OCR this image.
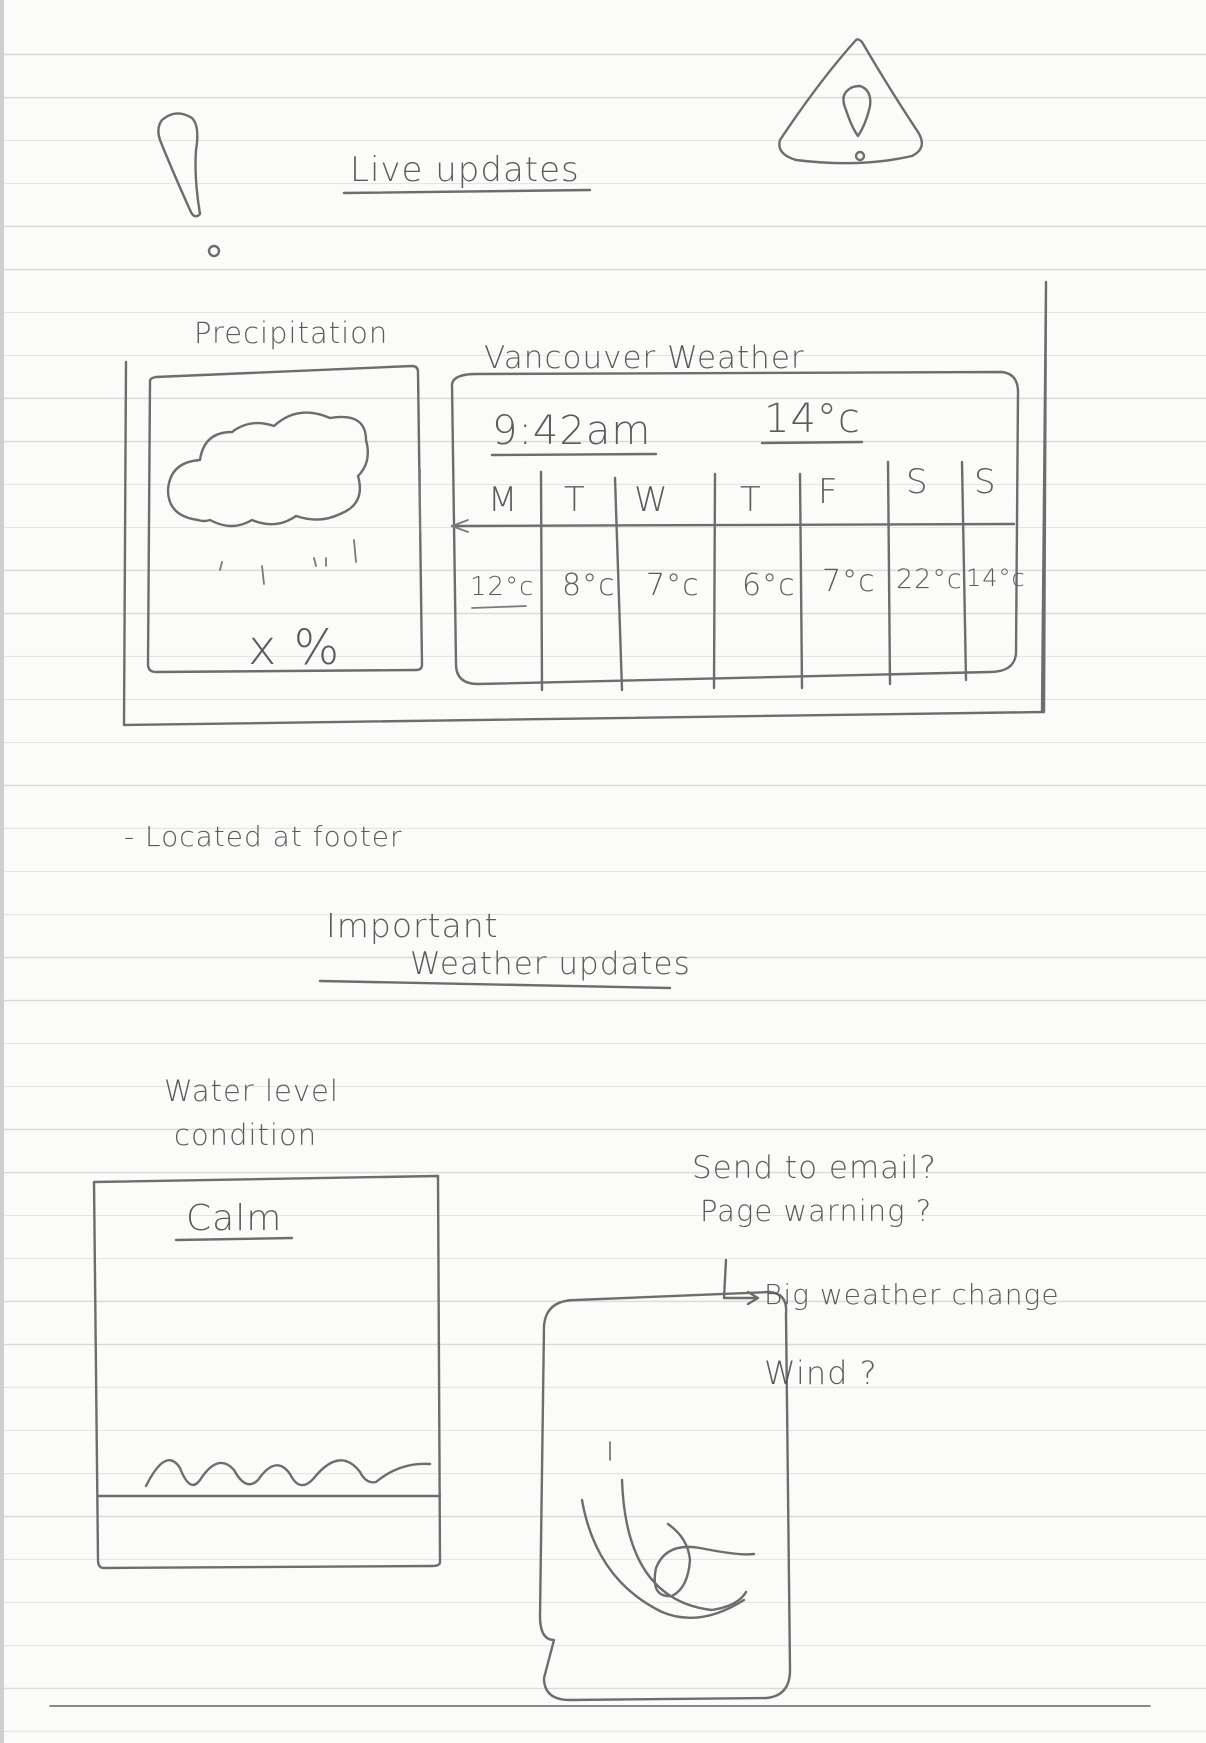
Live updates
Precipitation
x %
Vancouver Weather
9:42am	14°c
M T W T F S S
12°c 8°c 7°c 6°c 7°c 22°c 14°c
- Located at footer
Important
Weather updates
Water level
condition
Calm
Send to email?
Page warning ?
Big weather change
Wind ?
